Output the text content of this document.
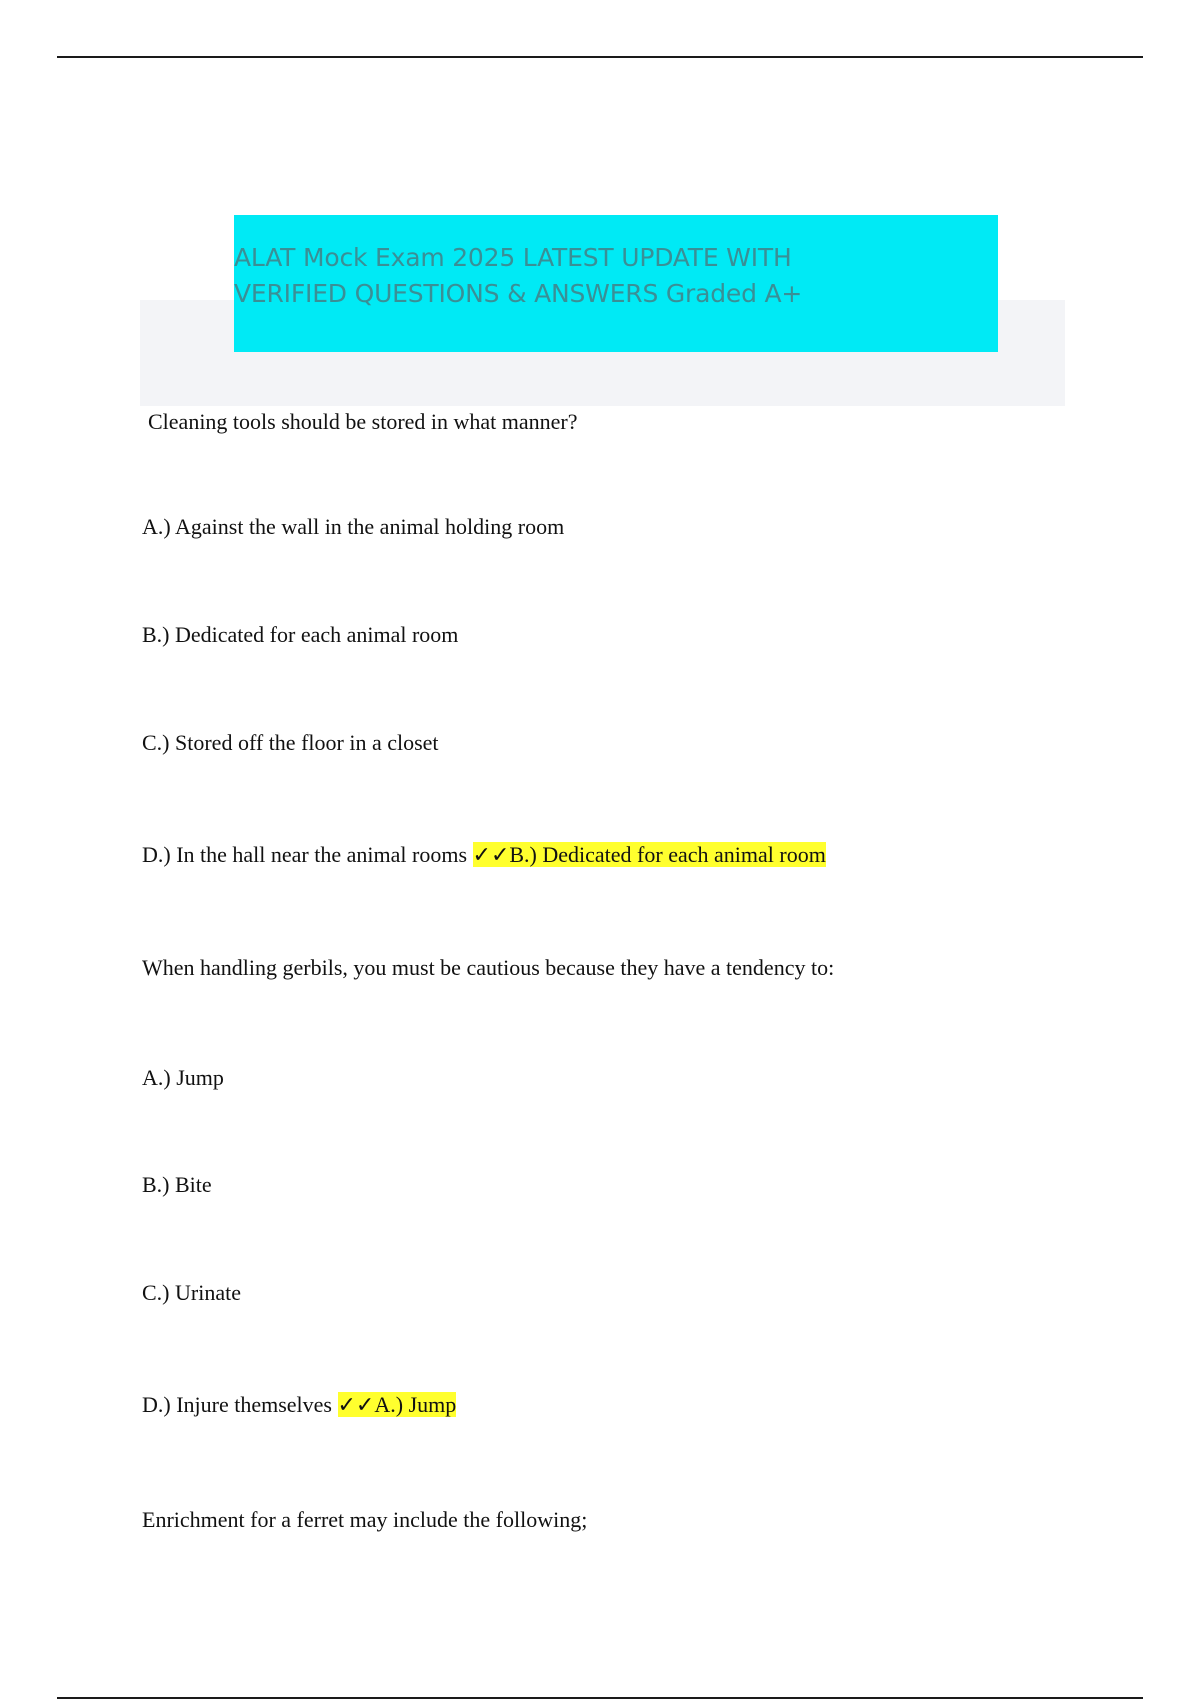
ALAT Mock Exam 2025 LATEST UPDATE WITH
VERIFIED QUESTIONS & ANSWERS Graded A+
Cleaning tools should be stored in what manner?
A.) Against the wall in the animal holding room
B.) Dedicated for each animal room
C.) Stored off the floor in a closet
D.) In the hall near the animal rooms ✓✓B.) Dedicated for each animal room
When handling gerbils, you must be cautious because they have a tendency to:
A.) Jump
B.) Bite
C.) Urinate
D.) Injure themselves ✓✓A.) Jump
Enrichment for a ferret may include the following;
